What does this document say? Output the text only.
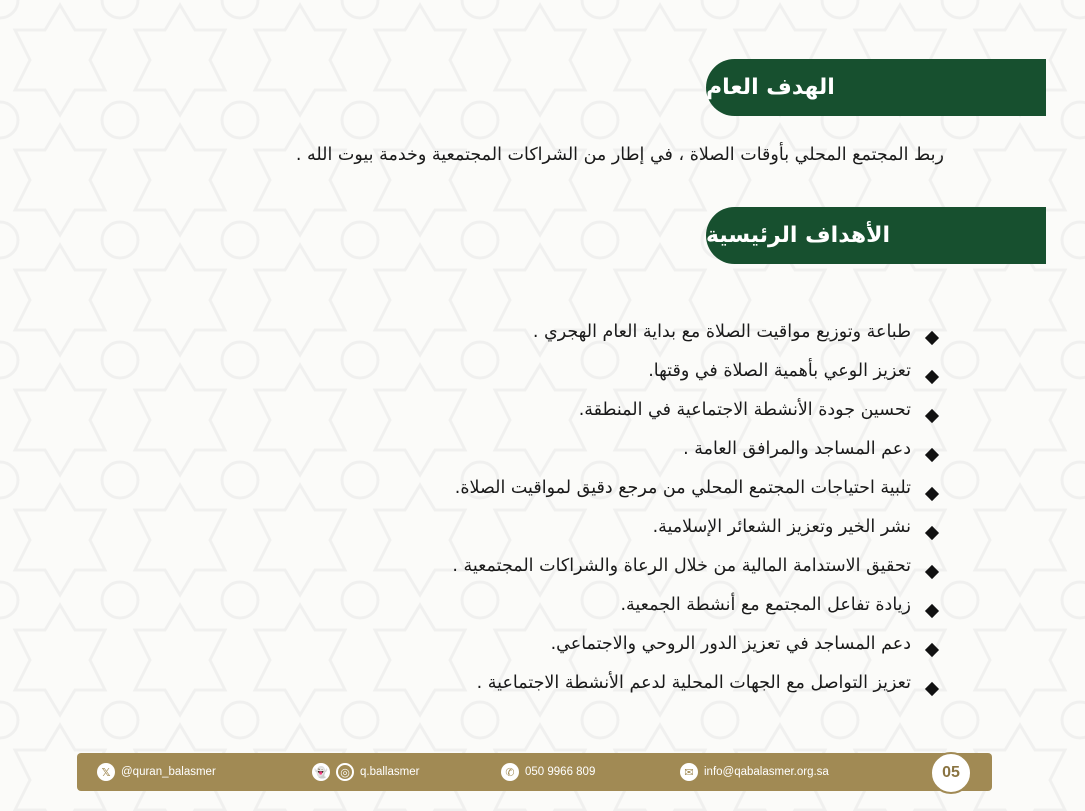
الهدف العام

ربط المجتمع المحلي بأوقات الصلاة ، في إطار من الشراكات المجتمعية وخدمة بيوت الله .

الأهداف الرئيسية
طباعة وتوزيع مواقيت الصلاة مع بداية العام الهجري .
تعزيز الوعي بأهمية الصلاة في وقتها.
تحسين جودة الأنشطة الاجتماعية في المنطقة.
دعم المساجد والمرافق العامة .
تلبية احتياجات المجتمع المحلي من مرجع دقيق لمواقيت الصلاة.
نشر الخير وتعزيز الشعائر الإسلامية.
تحقيق الاستدامة المالية من خلال الرعاة والشراكات المجتمعية .
زيادة تفاعل المجتمع مع أنشطة الجمعية.
دعم المساجد في تعزيز الدور الروحي والاجتماعي.
تعزيز التواصل مع الجهات المحلية لدعم الأنشطة الاجتماعية .
𝕏 @quran_balasmer	👻	◎ q.ballasmer	✆ 050 9966 809	✉ info@qabalasmer.org.sa	05
